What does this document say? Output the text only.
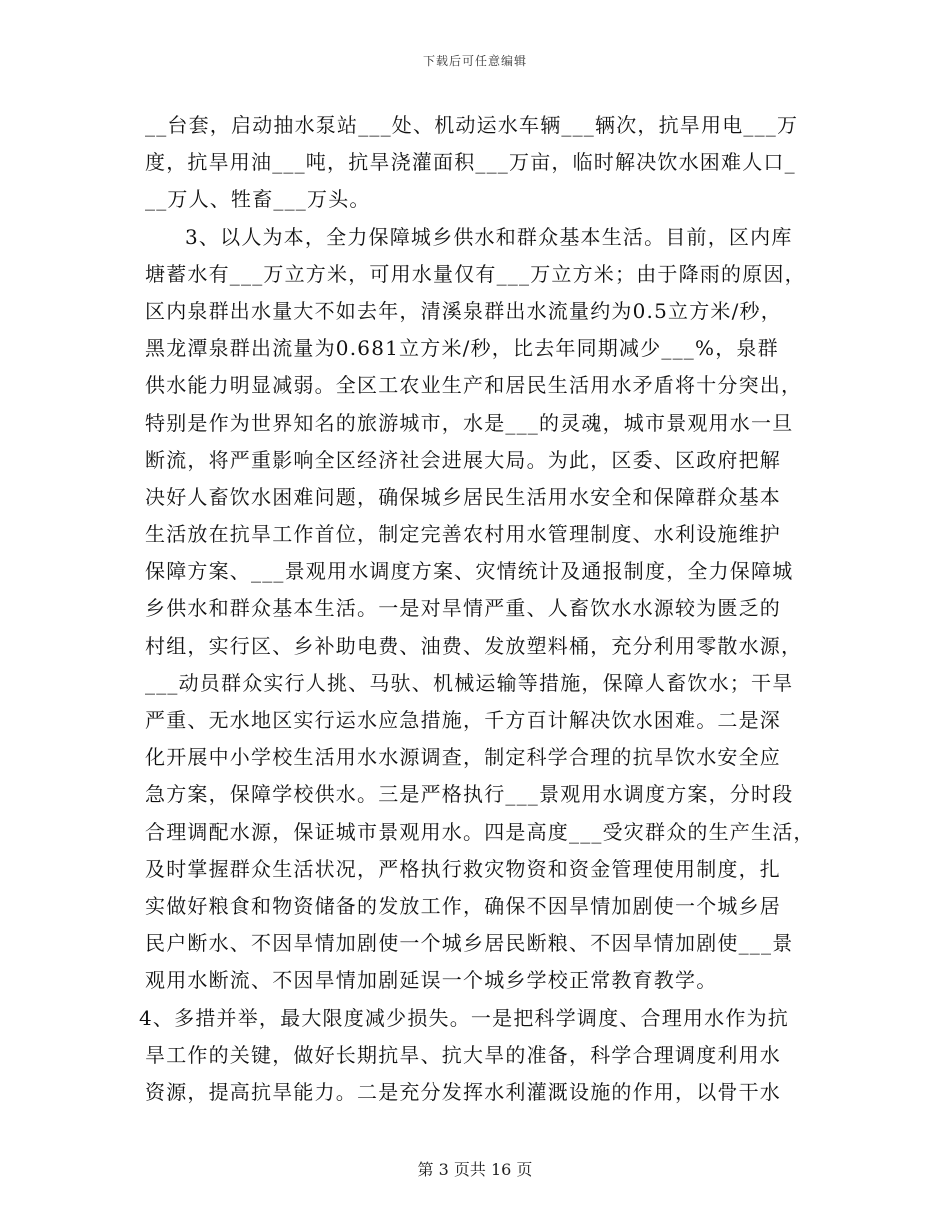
下载后可任意编辑
__台套，启动抽水泵站___处、机动运水车辆___辆次，抗旱用电___万
度，抗旱用油___吨，抗旱浇灌面积___万亩，临时解决饮水困难人口_
__万人、牲畜___万头。
3、以人为本，全力保障城乡供水和群众基本生活。目前，区内库
塘蓄水有___万立方米，可用水量仅有___万立方米；由于降雨的原因，
区内泉群出水量大不如去年，清溪泉群出水流量约为0.5立方米/秒，
黑龙潭泉群出流量为0.681立方米/秒，比去年同期减少___%，泉群
供水能力明显减弱。全区工农业生产和居民生活用水矛盾将十分突出，
特别是作为世界知名的旅游城市，水是___的灵魂，城市景观用水一旦
断流，将严重影响全区经济社会进展大局。为此，区委、区政府把解
决好人畜饮水困难问题，确保城乡居民生活用水安全和保障群众基本
生活放在抗旱工作首位，制定完善农村用水管理制度、水利设施维护
保障方案、___景观用水调度方案、灾情统计及通报制度，全力保障城
乡供水和群众基本生活。一是对旱情严重、人畜饮水水源较为匮乏的
村组，实行区、乡补助电费、油费、发放塑料桶，充分利用零散水源，
___动员群众实行人挑、马驮、机械运输等措施，保障人畜饮水；干旱
严重、无水地区实行运水应急措施，千方百计解决饮水困难。二是深
化开展中小学校生活用水水源调查，制定科学合理的抗旱饮水安全应
急方案，保障学校供水。三是严格执行___景观用水调度方案，分时段
合理调配水源，保证城市景观用水。四是高度___受灾群众的生产生活，
及时掌握群众生活状况，严格执行救灾物资和资金管理使用制度，扎
实做好粮食和物资储备的发放工作，确保不因旱情加剧使一个城乡居
民户断水、不因旱情加剧使一个城乡居民断粮、不因旱情加剧使___景
观用水断流、不因旱情加剧延误一个城乡学校正常教育教学。
4、多措并举，最大限度减少损失。一是把科学调度、合理用水作为抗
旱工作的关键，做好长期抗旱、抗大旱的准备，科学合理调度利用水
资源，提高抗旱能力。二是充分发挥水利灌溉设施的作用，以骨干水
第 3 页共 16 页
